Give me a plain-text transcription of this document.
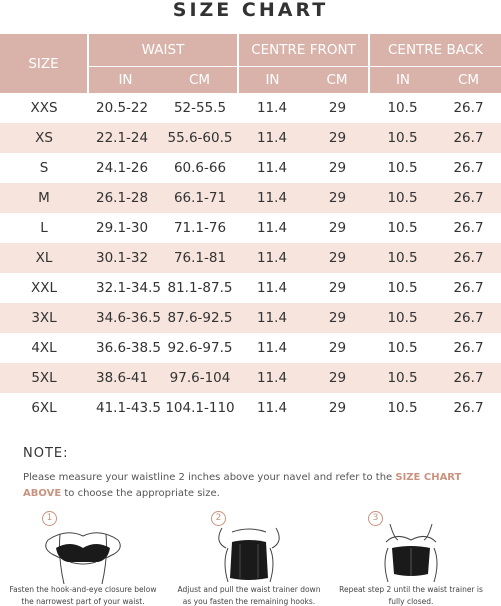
SIZE CHART
SIZE	WAIST		CENTRE FRONT		CENTRE BACK	
	IN	CM	IN	CM	IN	CM
XXS	20.5-22	52-55.5	11.4	29	10.5	26.7
XS	22.1-24	55.6-60.5	11.4	29	10.5	26.7
S	24.1-26	60.6-66	11.4	29	10.5	26.7
M	26.1-28	66.1-71	11.4	29	10.5	26.7
L	29.1-30	71.1-76	11.4	29	10.5	26.7
XL	30.1-32	76.1-81	11.4	29	10.5	26.7
XXL	32.1-34.5	81.1-87.5	11.4	29	10.5	26.7
3XL	34.6-36.5	87.6-92.5	11.4	29	10.5	26.7
4XL	36.6-38.5	92.6-97.5	11.4	29	10.5	26.7
5XL	38.6-41	97.6-104	11.4	29	10.5	26.7
6XL	41.1-43.5	104.1-110	11.4	29	10.5	26.7
NOTE:
Please measure your waistline 2 inches above your navel and refer to the SIZE CHART ABOVE to choose the appropriate size.
1
Fasten the hook-and-eye closure below the narrowest part of your waist.
2
Adjust and pull the waist trainer down as you fasten the remaining hooks.
3
Repeat step 2 until the waist trainer is fully closed.
